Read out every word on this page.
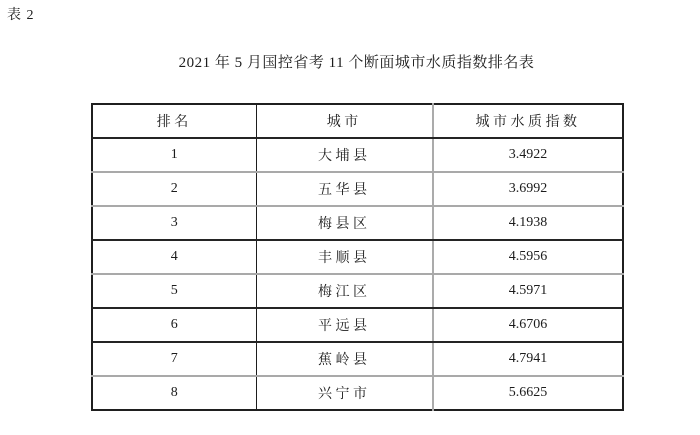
表 2
2021 年 5 月国控省考 11 个断面城市水质指数排名表
排名	城市	城市水质指数
1	大埔县	3.4922
2	五华县	3.6992
3	梅县区	4.1938
4	丰顺县	4.5956
5	梅江区	4.5971
6	平远县	4.6706
7	蕉岭县	4.7941
8	兴宁市	5.6625
